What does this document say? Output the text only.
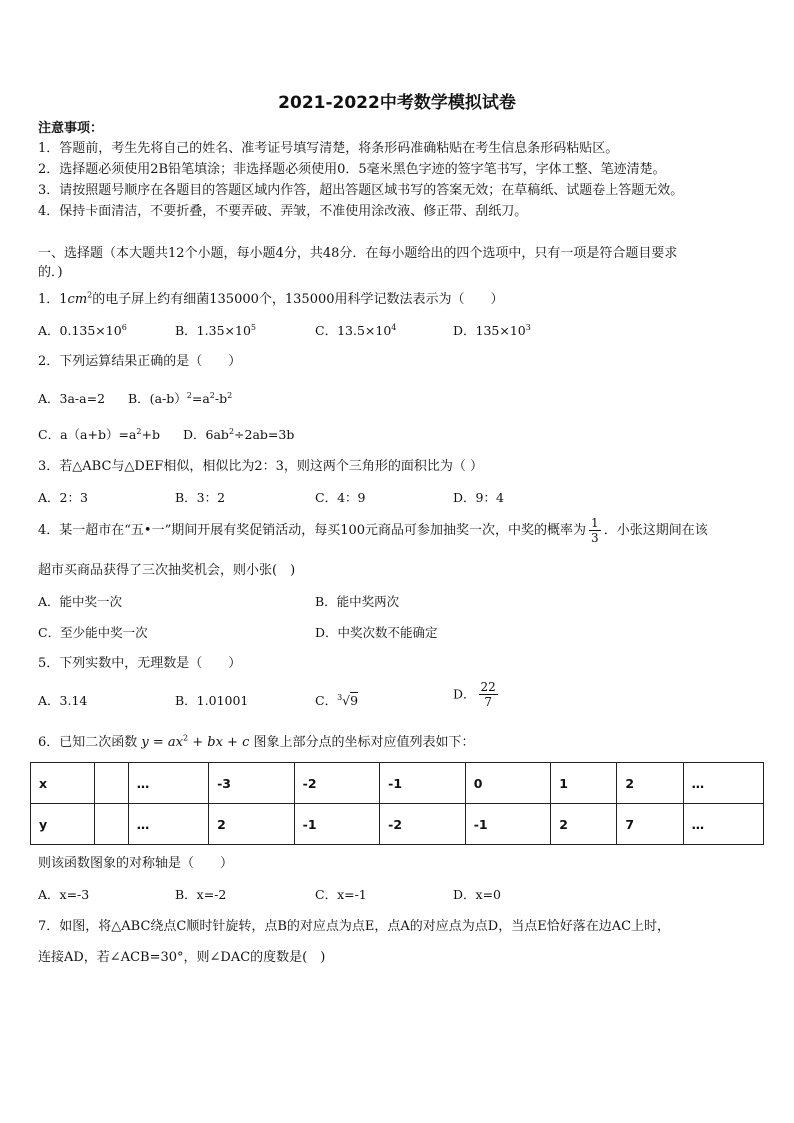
2021-2022中考数学模拟试卷
注意事项：
1．答题前，考生先将自己的姓名、准考证号填写清楚，将条形码准确粘贴在考生信息条形码粘贴区。
2．选择题必须使用2B铅笔填涂；非选择题必须使用0．5毫米黑色字迹的签字笔书写，字体工整、笔迹清楚。
3．请按照题号顺序在各题目的答题区域内作答，超出答题区域书写的答案无效；在草稿纸、试题卷上答题无效。
4．保持卡面清洁，不要折叠，不要弄破、弄皱，不准使用涂改液、修正带、刮纸刀。
一、选择题（本大题共12个小题，每小题4分，共48分．在每小题给出的四个选项中，只有一项是符合题目要求
的．)
1．$1cm^2$的电子屏上约有细菌135000个，135000用科学记数法表示为（　　）
A．$0.135\times 10^6$	B．$1.35\times 10^5$	C．$13.5\times 10^4$	D．$135\times 10^3$
2．下列运算结果正确的是（　　）
A．3a-a=2 B．$(a-b)^2=a^2-b^2$
C．$a(a+b)=a^2+b$ D．$6ab^2\div 2ab=3b$
3．若△ABC与△DEF相似，相似比为2：3，则这两个三角形的面积比为（ ）
A．2：3	B．3：2	C．4：9	D．9：4
4．某一超市在“五•一”期间开展有奖促销活动，每买100元商品可参加抽奖一次，中奖的概率为 $\frac{1}{3}$ ．小张这期间在该
超市买商品获得了三次抽奖机会，则小张(　)
A．能中奖一次	B．能中奖两次
C．至少能中奖一次	D．中奖次数不能确定
5．下列实数中，无理数是（　　）
A．3.14	B．1.01001	C．$^3$√9	D． $\frac{22}{7}$
6．已知二次函数 $y = ax^2$ + bx + c 图象上部分点的坐标对应值列表如下：
x		…	-3	-2	-1	0	1	2	…
y		…	2	-1	-2	-1	2	7	…
则该函数图象的对称轴是（　　）
A．x=-3	B．x=-2	C．x=-1	D．x=0
7．如图，将△ABC绕点C顺时针旋转，点B的对应点为点E，点A的对应点为点D，当点E恰好落在边AC上时，
连接AD，若∠ACB=30°，则∠DAC的度数是(　)
